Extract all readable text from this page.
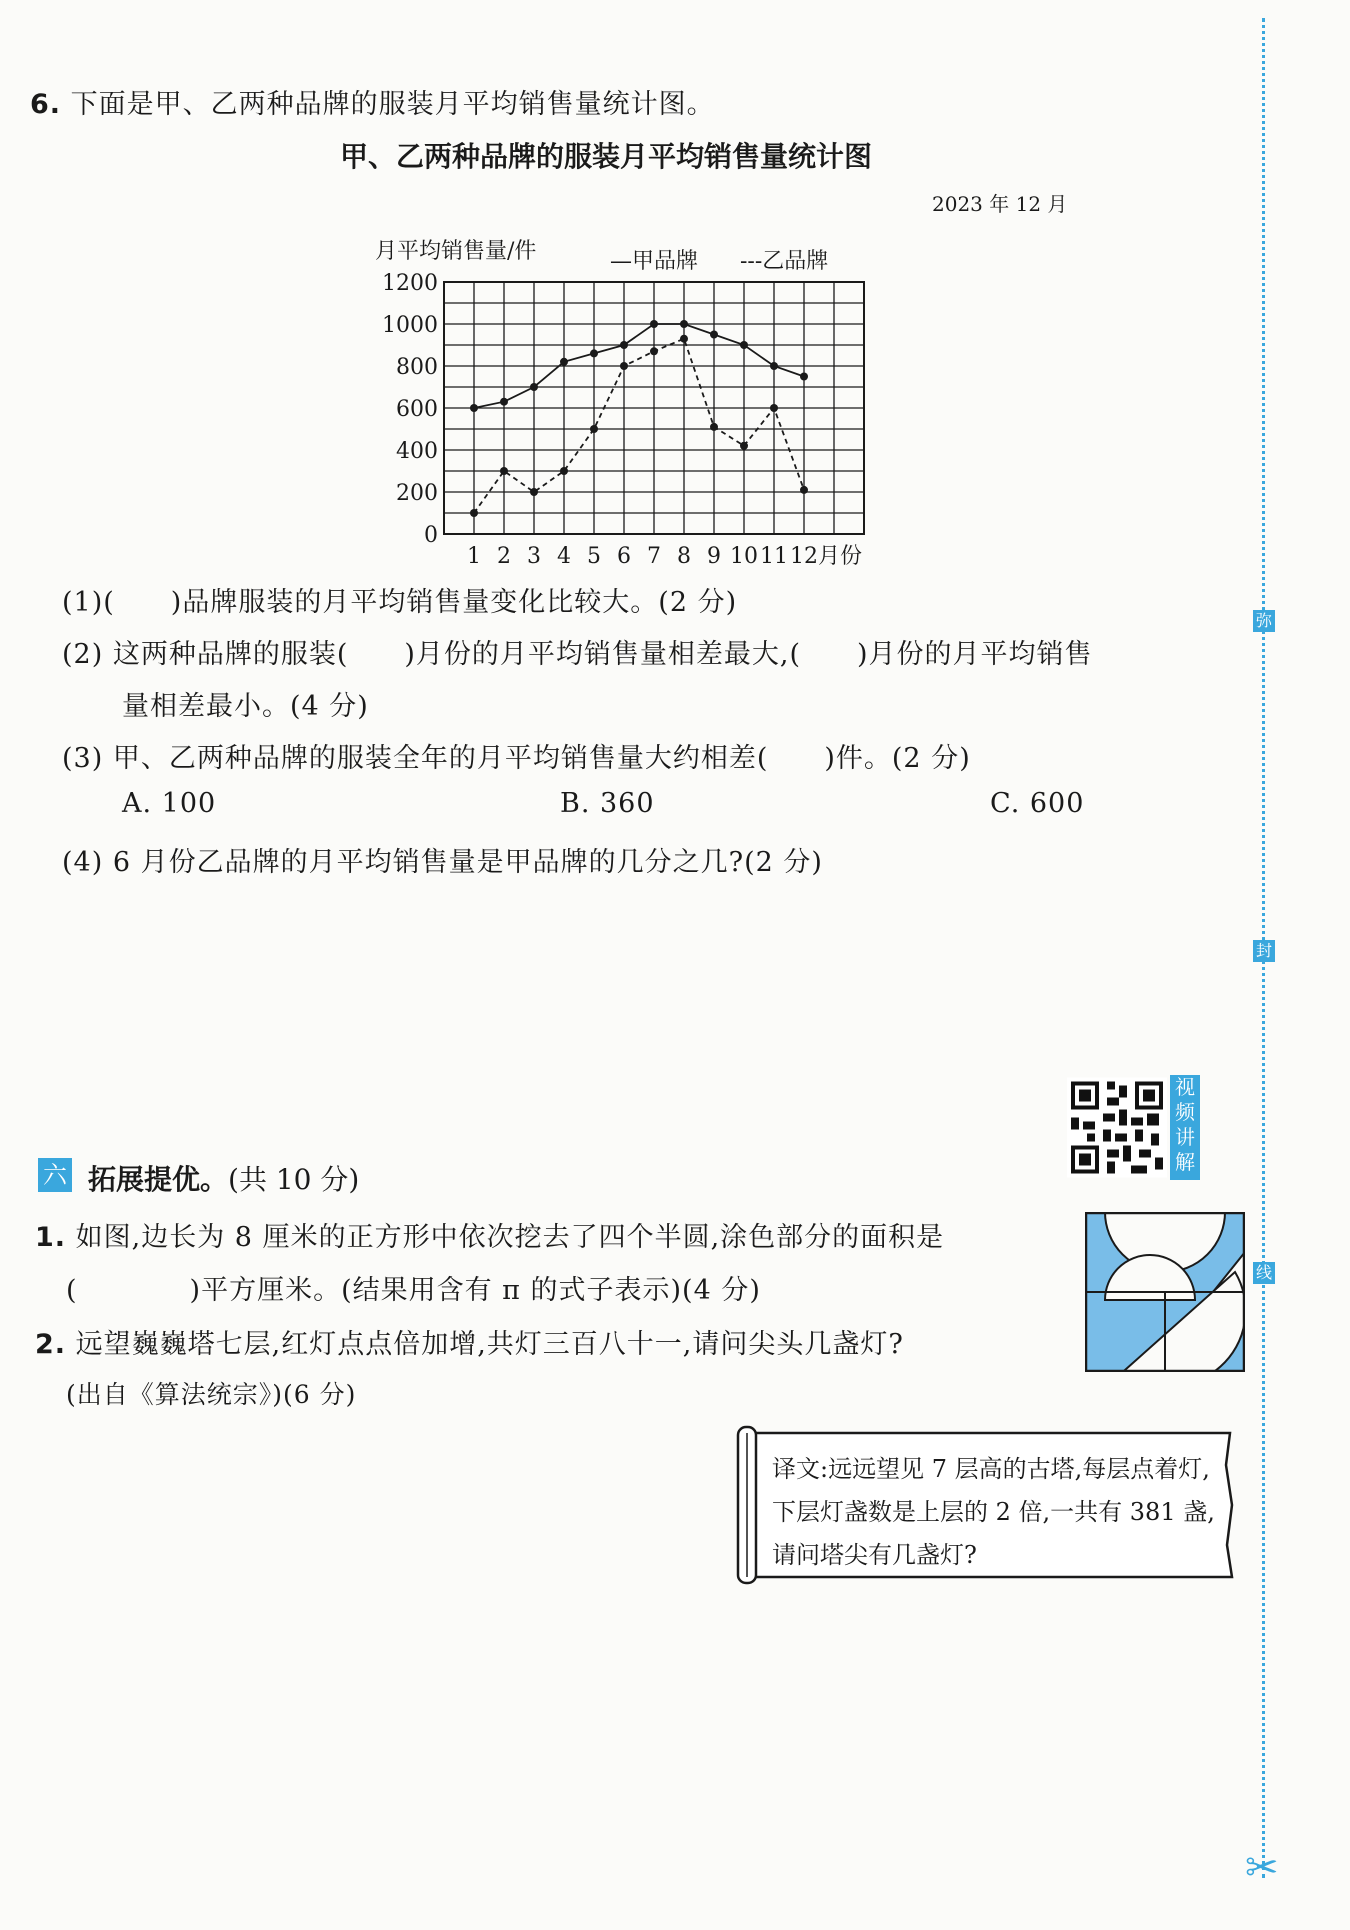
6. 下面是甲、乙两种品牌的服装月平均销售量统计图。
甲、乙两种品牌的服装月平均销售量统计图
2023 年 12 月
月平均销售量/件	—甲品牌 ---乙品牌
0
200
400
600
800
1000
1200
1 2 3 4 5 6 7 8 9 10 11 12 月份
(1)(　　)品牌服装的月平均销售量变化比较大。(2 分)
(2) 这两种品牌的服装(　　)月份的月平均销售量相差最大,(　　)月份的月平均销售
量相差最小。(4 分)
(3) 甲、乙两种品牌的服装全年的月平均销售量大约相差(　　)件。(2 分)
A. 100	B. 360	C. 600
(4) 6 月份乙品牌的月平均销售量是甲品牌的几分之几?(2 分)
视频讲解
六 拓展提优。(共 10 分)
1. 如图,边长为 8 厘米的正方形中依次挖去了四个半圆,涂色部分的面积是
(　　　　)平方厘米。(结果用含有 π 的式子表示)(4 分)
2. 远望巍巍塔七层,红灯点点倍加增,共灯三百八十一,请问尖头几盏灯?
(出自《算法统宗》)(6 分)
译文:远远望见 7 层高的古塔,每层点着灯,下层灯盏数是上层的 2 倍,一共有 381 盏,请问塔尖有几盏灯?
弥
封
线
✂
